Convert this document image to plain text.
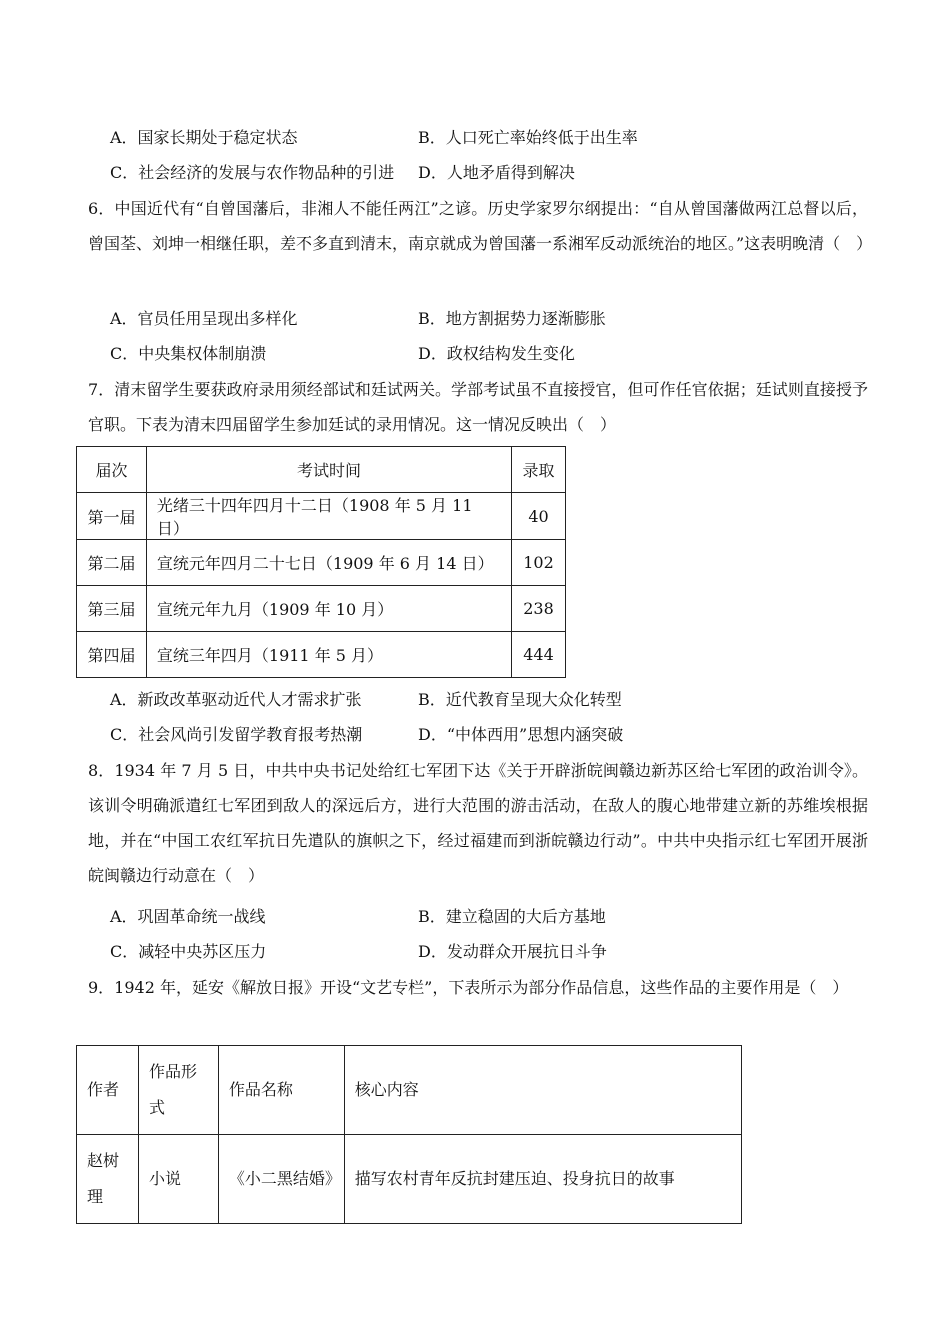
A．国家长期处于稳定状态	B．人口死亡率始终低于出生率
C．社会经济的发展与农作物品种的引进 D．人地矛盾得到解决
6．中国近代有“自曾国藩后，非湘人不能任两江”之谚。历史学家罗尔纲提出：“自从曾国藩做两江总督以后，曾国荃、刘坤一相继任职，差不多直到清末，南京就成为曾国藩一系湘军反动派统治的地区。”这表明晚清（　）
A．官员任用呈现出多样化	B．地方割据势力逐渐膨胀
C．中央集权体制崩溃	D．政权结构发生变化
7．清末留学生要获政府录用须经部试和廷试两关。学部考试虽不直接授官，但可作任官依据；廷试则直接授予官职。下表为清末四届留学生参加廷试的录用情况。这一情况反映出（　）
届次	考试时间	录取
第一届	光绪三十四年四月十二日（1908 年 5 月 11 日）	40
第二届	宣统元年四月二十七日（1909 年 6 月 14 日）	102
第三届	宣统元年九月（1909 年 10 月）	238
第四届	宣统三年四月（1911 年 5 月）	444
A．新政改革驱动近代人才需求扩张	B．近代教育呈现大众化转型
C．社会风尚引发留学教育报考热潮	D．“中体西用”思想内涵突破
8．1934 年 7 月 5 日，中共中央书记处给红七军团下达《关于开辟浙皖闽赣边新苏区给七军团的政治训令》。该训令明确派遣红七军团到敌人的深远后方，进行大范围的游击活动，在敌人的腹心地带建立新的苏维埃根据地，并在“中国工农红军抗日先遣队的旗帜之下，经过福建而到浙皖赣边行动”。中共中央指示红七军团开展浙皖闽赣边行动意在（　）
A．巩固革命统一战线	B．建立稳固的大后方基地
C．减轻中央苏区压力	D．发动群众开展抗日斗争
9．1942 年，延安《解放日报》开设“文艺专栏”，下表所示为部分作品信息，这些作品的主要作用是（　）
作者	作品形式	作品名称	核心内容
赵树理	小说	《小二黑结婚》	描写农村青年反抗封建压迫、投身抗日的故事
